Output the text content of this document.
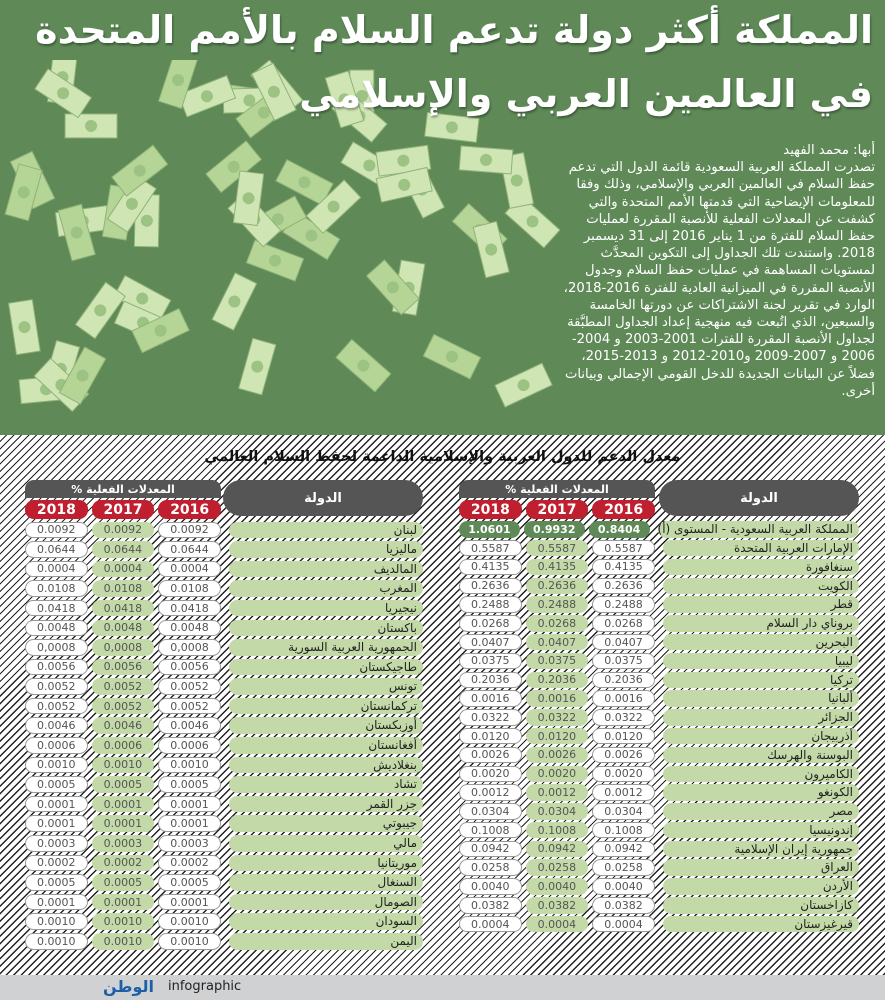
المملكة أكثر دولة تدعم السلام بالأمم المتحدة
في العالمين العربي والإسلامي
أبها: محمد الفهيد
تصدرت المملكة العربية السعودية قائمة الدول التي تدعم حفظ السلام في العالمين العربي والإسلامي، وذلك وفقا للمعلومات الإيضاحية التي قدمتها الأمم المتحدة والتي كشفت عن المعدلات الفعلية للأنصبة المقررة لعمليات حفظ السلام للفترة من 1 يناير 2016 إلى 31 ديسمبر 2018. واستندت تلك الجداول إلى التكوين المحدَّث لمستويات المساهمة في عمليات حفظ السلام وجدول الأنصبة المقررة في الميزانية العادية للفترة 2016-2018، الوارد في تقرير لجنة الاشتراكات عن دورتها الخامسة والسبعين، الذي اتُبعت فيه منهجية إعداد الجداول المطبَّقة لجداول الأنصبة المقررة للفترات 2001-2003 و 2004-2006 و 2007-2009 و2010-2012 و 2013-2015، فضلاً عن البيانات الجديدة للدخل القومي الإجمالي وبيانات أخرى.
معدل الدعم للدول العربية والإسلامية الداعمة لحفظ السلام العالمي
المعدلات الفعلية %
2018	2017	2016
الدولة
1.0601	0.9932	0.8404	المملكة العربية السعودية - المستوى (أ)
0.5587	0.5587	0.5587	الإمارات العربية المتحدة
0.4135	0.4135	0.4135	سنغافورة
0.2636	0.2636	0.2636	الكويت
0.2488	0.2488	0.2488	قطر
0.0268	0.0268	0.0268	بروناي دار السلام
0.0407	0.0407	0.0407	البحرين
0.0375	0.0375	0.0375	ليبيا
0.2036	0.2036	0.2036	تركيا
0.0016	0.0016	0.0016	ألبانيا
0.0322	0.0322	0.0322	الجزائر
0.0120	0.0120	0.0120	أذربيجان
0.0026	0.0026	0.0026	البوسنة والهرسك
0.0020	0.0020	0.0020	الكاميرون
0.0012	0.0012	0.0012	الكونغو
0.0304	0.0304	0.0304	مصر
0.1008	0.1008	0.1008	إندونيسيا
0.0942	0.0942	0.0942	جمهورية إيران الإسلامية
0.0258	0.0258	0.0258	العراق
0.0040	0.0040	0.0040	الأردن
0.0382	0.0382	0.0382	كازاخستان
0.0004	0.0004	0.0004	قيرغيزستان
المعدلات الفعلية %
2018	2017	2016
الدولة
0.0092	0.0092	0.0092	لبنان
0.0644	0.0644	0.0644	ماليزيا
0.0004	0.0004	0.0004	المالديف
0.0108	0.0108	0.0108	المغرب
0.0418	0.0418	0.0418	نيجيريا
0.0048	0.0048	0.0048	باكستان
0,0008	0,0008	0,0008	الجمهورية العربية السورية
0.0056	0.0056	0.0056	طاجيكستان
0.0052	0.0052	0.0052	تونس
0.0052	0.0052	0.0052	تركمانستان
0.0046	0.0046	0.0046	أوزبكستان
0.0006	0.0006	0.0006	أفغانستان
0.0010	0.0010	0.0010	بنغلاديش
0.0005	0.0005	0.0005	تشاد
0.0001	0.0001	0.0001	جزر القمر
0.0001	0.0001	0.0001	جيبوتي
0.0003	0.0003	0.0003	مالي
0.0002	0.0002	0.0002	موريتانيا
0.0005	0.0005	0.0005	السنغال
0.0001	0.0001	0.0001	الصومال
0.0010	0.0010	0.0010	السودان
0.0010	0.0010	0.0010	اليمن
الوطن infographic
